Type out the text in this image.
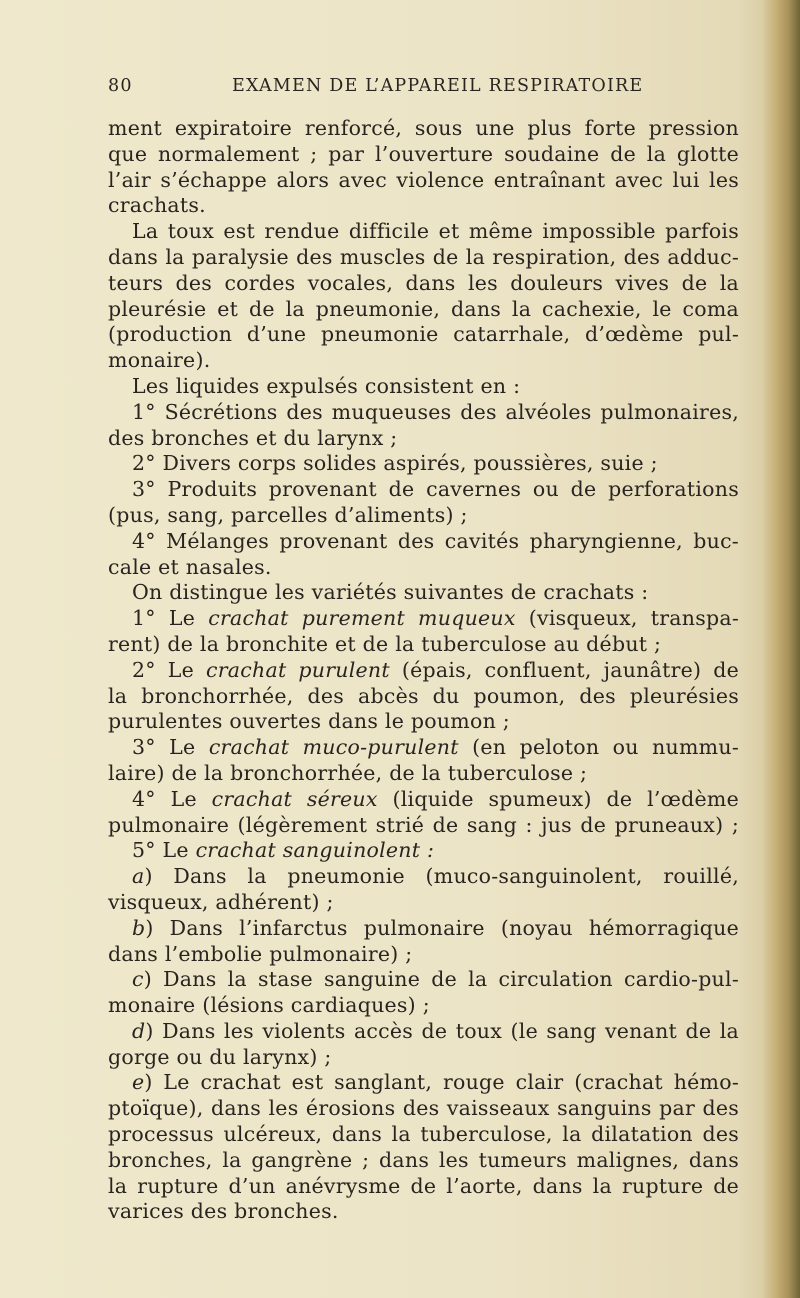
80	EXAMEN DE L’APPAREIL RESPIRATOIRE
ment expiratoire renforcé, sous une plus forte pression
que normalement ; par l’ouverture soudaine de la glotte
l’air s’échappe alors avec violence entraînant avec lui les
crachats.
La toux est rendue difficile et même impossible parfois
dans la paralysie des muscles de la respiration, des adduc-
teurs des cordes vocales, dans les douleurs vives de la
pleurésie et de la pneumonie, dans la cachexie, le coma
(production d’une pneumonie catarrhale, d’œdème pul-
monaire).
Les liquides expulsés consistent en :
1° Sécrétions des muqueuses des alvéoles pulmonaires,
des bronches et du larynx ;
2° Divers corps solides aspirés, poussières, suie ;
3° Produits provenant de cavernes ou de perforations
(pus, sang, parcelles d’aliments) ;
4° Mélanges provenant des cavités pharyngienne, buc-
cale et nasales.
On distingue les variétés suivantes de crachats :
1° Le crachat purement muqueux (visqueux, transpa-
rent) de la bronchite et de la tuberculose au début ;
2° Le crachat purulent (épais, confluent, jaunâtre) de
la bronchorrhée, des abcès du poumon, des pleurésies
purulentes ouvertes dans le poumon ;
3° Le crachat muco-purulent (en peloton ou nummu-
laire) de la bronchorrhée, de la tuberculose ;
4° Le crachat séreux (liquide spumeux) de l’œdème
pulmonaire (légèrement strié de sang : jus de pruneaux) ;
5° Le crachat sanguinolent :
a) Dans la pneumonie (muco-sanguinolent, rouillé,
visqueux, adhérent) ;
b) Dans l’infarctus pulmonaire (noyau hémorragique
dans l’embolie pulmonaire) ;
c) Dans la stase sanguine de la circulation cardio-pul-
monaire (lésions cardiaques) ;
d) Dans les violents accès de toux (le sang venant de la
gorge ou du larynx) ;
e) Le crachat est sanglant, rouge clair (crachat hémo-
ptoïque), dans les érosions des vaisseaux sanguins par des
processus ulcéreux, dans la tuberculose, la dilatation des
bronches, la gangrène ; dans les tumeurs malignes, dans
la rupture d’un anévrysme de l’aorte, dans la rupture de
varices des bronches.
